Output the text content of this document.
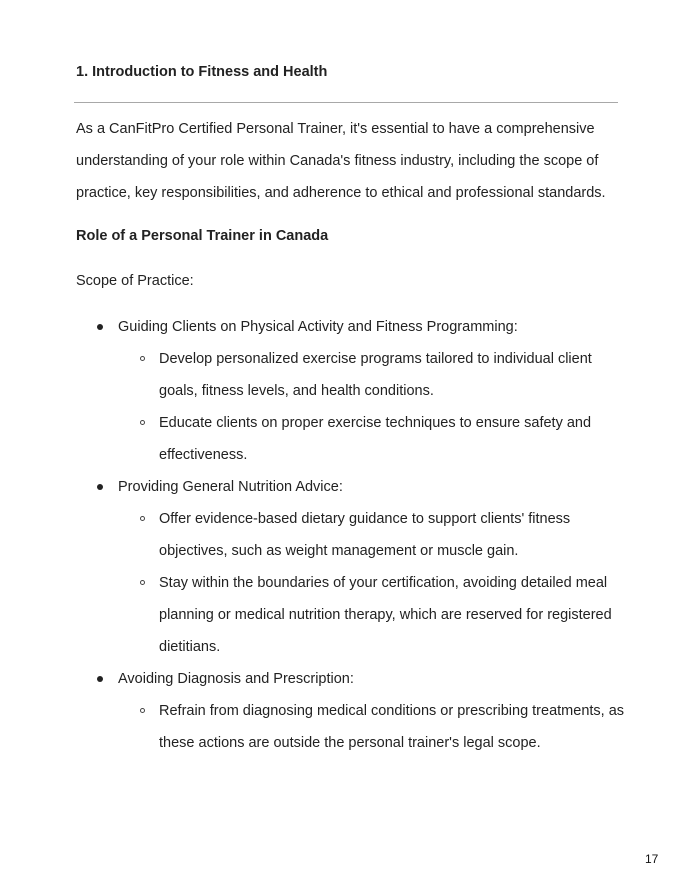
1. Introduction to Fitness and Health

As a CanFitPro Certified Personal Trainer, it's essential to have a comprehensive understanding of your role within Canada's fitness industry, including the scope of practice, key responsibilities, and adherence to ethical and professional standards.

Role of a Personal Trainer in Canada
Scope of Practice:
Guiding Clients on Physical Activity and Fitness Programming:
Develop personalized exercise programs tailored to individual client goals, fitness levels, and health conditions.
Educate clients on proper exercise techniques to ensure safety and effectiveness.
Providing General Nutrition Advice:
Offer evidence-based dietary guidance to support clients' fitness objectives, such as weight management or muscle gain.
Stay within the boundaries of your certification, avoiding detailed meal planning or medical nutrition therapy, which are reserved for registered dietitians.
Avoiding Diagnosis and Prescription:
Refrain from diagnosing medical conditions or prescribing treatments, as these actions are outside the personal trainer's legal scope.
17
